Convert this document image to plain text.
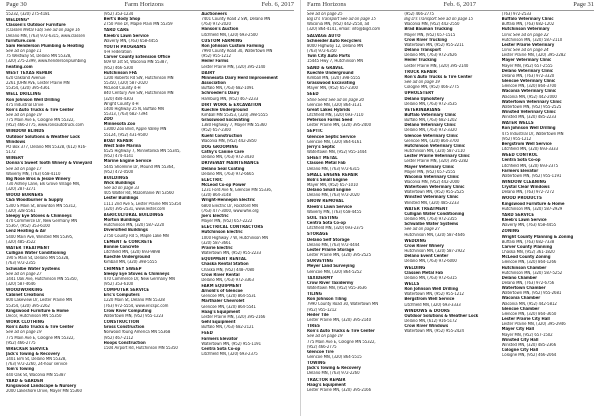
Page 30	Farm Horizons	Feb. 6, 2017

55232, (320) 275-4181

WELDING*

Classen's Outdoor Furniture

(Classen Metal Fab) See ad on page 16

Delano MN, (763) 972-6315, www.classen

furniture.com

Sam Henderson Plumbing & Heating

See ad on page 11

75 Westway St, Delano MN 55328,

(320) 275-2399, www.hendersonplumbing

heating.com

WEST TEXAS REPAIR

620 Oakland Avenue

2261 JOHN AVE, Lester Prairie MN

55354, (320) 395-4361

WELL DRILLING

Ron Johnson Well Drilling

475 Industrial Drive

Ron's Auto Trucks & Tire Center

See ad on page 19

775 Main Ave E, Cologne MN 55322,

(952) 466-2775, www.ronsautotruck.com

WINDOW BLINDS

Outdoor Solutions & Weather Lock

Windows

PO Box 377, Delano MN 55328, (612) 916-

5172

WINERY

Donna's Sweet Tooth Winery & Vineyard

See ad on page 17

Waverly MN, (763) 658-4110

Big Nose Bros & Jessie Winery

730 Ashley Lane, Elk Grove Village MN,

(320) 287-3271

WOOD BURNERS

C&S Woodburner & Supply

5300 S Main St, Brownton MN 55312,

(320) 328-5561

Sleepy Eye Stoves & Chimneys

470 Commerce Dr, New Germany MN

55367, (952) 353-6100

Lenz Heating & Air

5400 Main Ave, Winsted MN 55395,

(320) 485-3522

WATER TREATMENT

Culligan Water Conditioning

190 S Main St, Delano MN 55328,

(763) 972-2355

Schwalbe Water Systems

See ad on page 27

1441 Oak Ave, Hutchinson MN 55350,

(320) 587-4646

WOODWORKING

Cabinet Creations

800 Lakeview Dr, Lester Prairie MN

55354, (320) 395-2262

Kingswood Furniture & Home

Decor, Hutchinson MN 55350

WORK CLOTHING

Ron's Auto Trucks & Tire Center

See ad on page 19

775 Main Ave E, Cologne MN 55322,

(952) 466-2775

WRECKER SERVICE

Jack's Towing & Recovery

1401 Elm St, Delano MN 55328,

(763) 972-2260, 24-hour service

Tom's Towing

440 Oak St, Waconia MN 55387

YARD & GARDEN

Kingswood Landscape & Nursery

2000 Lakeshore Drive, Mayer MN 55360

(952) 353-1234

Bert's Body Shop

2750 Pine Dr, Maple Plain MN 55359

YARD CARE

Kleeb's Lawn Service

Waverly MN, (763) 658-4455

YOUTH PROGRAMS

4-H Federation

Carver County Extension Office

609 W 1st St, Waconia MN 55387,

(952) 466-5300

Hutchinson FFA

1200 Roberts Rd SW, Hutchinson MN

55350, (320) 587-2020

McLeod County 4-H

840 Century Ave SW, Hutchinson MN

(320) 484-4303

Wright County 4-H

1400 Highway 25 N, Buffalo MN

55313, (763) 682-7394

ZOO

Minnesota Zoo

13000 Zoo Blvd, Apple Valley MN

55124, (952) 431-9500

BOAT REPAIR

West Side Marina

6525 Highway 7, Minnetonka MN 55345,

(952) 474-4141

Marine Engine Service

5445 Shoreline Dr, Mound MN 55364,

(952) 472-0500

BUILDINGS

Wick Buildings

See ad on page 33

405 Walter Rd, Mazomanie WI 53560

Lester Buildings

1111 2nd Ave S, Lester Prairie MN 55354

(320) 395-2531, www.lester.com

AGRICULTURAL BUILDINGS

Morton Buildings

Hutchinson MN, (320) 587-2220

Diversified Buildings

2750 County Rd 5, Maple Lake MN

CEMENT & CONCRETE

Bonnie Concrete

Litchfield MN, (320) 693-9898

Kuechle Underground

Kimball MN, (320) 398-5555

CHIMNEY SWEEP

Sleepy Eye Stoves & Chimneys

470 Commerce Dr, New Germany MN

(952) 353-6100

COMPUTER SERVICE

Eric's Computers

1220 Main St, Delano MN 55328

(763) 972-5554, www.ericspc.com

Crow River Computing

Watertown MN, (952) 955-1223

CONSTRUCTION

Gross Construction

Norwood Young America MN 55368

(952) 467-2112

Hoops Construction

1504 Airport Rd, Hutchinson MN 55350

Auctioneers

7401 County Road 2 SW, Delano MN

(763) 972-2020

Hanson's Auction

Litchfield MN, (320) 693-2500

CUSTOM FARMING

Ron Johnson Custom Farming

7990 County Road 30, Watertown MN

(952) 955-1212

Heiler Farms

Lester Prairie MN, (320) 395-2140

DAIRY

Minnesota Dairy Herd Improvement

Association

Buffalo MN, (763) 682-1091

Schroeder's Dairy

Hamburg MN, (952) 467-2233

DIRT WORK & EXCAVATION

Kuechle Underground

Kimball MN 55353, (320) 398-5555

Grasswood Excavating

1380 Highway 7, Mayer MN 55360

(952) 657-2300

Kuehl Construction

Waconia MN, (952) 442-2850

DOG GROOMING

Cathy's Canine Care

Delano MN, (763) 972-3430

DRIVEWAY MAINTENANCE

Delano Seal Coating

Delano MN, (763) 972-6665

ELECTRIC

McLeod Co-op Power

1231 Ford Ave N, Glencoe MN 55336,

(320) 864-3148

Wright-Hennepin Electric

6800 Electric Dr, Rockford MN

(763) 477-3000, www.whe.org

Joe's Electric

Mayer MN, (952) 657-2222

ELECTRICAL CONTRACTORS

Hutchinson Electric

1000 Highway 7 W, Hutchinson MN

(320) 587-3661

Prairie Electric

Watertown MN, (952) 955-2233

EQUIPMENT RENTAL

Chaska Rental Station

Chaska MN, (952) 448-7080

Crow River Rental

Delano MN, (763) 972-3363

FARM EQUIPMENT

Arnold's of Glencoe

Glencoe MN, (320) 864-5531

Marthaler Chevrolet

Glencoe MN, (320) 864-5541

Haag's Equipment

Lester Prairie MN, (320) 395-2166

Gehl Equipment

Buffalo MN, (763) 682-2121

FEED

Farmers Elevator

Watertown MN, (952) 955-1191

Centra Sota Co-op

Litchfield MN, (320) 693-2375

Farm Horizons	Feb. 6, 2017	Page 31

See ad on page 25

Big D's Transport See ad on page 15

Waconia MN, (952) 442-2550, ad

(320) 864-4141, email: info@bigd.com

SALVAGE AUTO

Schneider Auto Recyclers

8000 Highway 12, Delano MN

(763) 972-6350

Twin City Auto Parts

15445 Hwy 7, Hutchinson MN

SAND & GRAVEL

Kuechle Underground

Kimball MN, (320) 398-5555

Grasswood Excavating

Mayer MN, (952) 657-2300

SEED

Stine Seed See ad on page 20

Glencoe MN, (320) 864-3131

Great Lakes Hybrids

Litchfield MN, (320) 693-7110

Peterson Farms Seed

Lester Prairie MN, (320) 395-2400

SEPTIC

Glencoe Septic Service

Glencoe MN, (320) 864-6161

Jerry's Septic

Watertown MN, (952) 955-1444

SHEET METAL

Classen Metal Fab

Delano MN, (763) 972-6315

SMALL ENGINE REPAIR

Bob's Small Engine

Mayer MN, (952) 657-1010

Delano Small Engine

Delano MN, (763) 972-2020

SNOW REMOVAL

Kleeb's Lawn Service

Waverly MN, (763) 658-4455

SOIL TESTING

Centra Sota Co-op

Litchfield MN, (320) 693-2375

STORAGE

Delano Self Storage

Delano MN, (763) 972-4444

Lester Prairie Storage

Lester Prairie MN, (320) 395-2525

SURVEYING

Meyer Land Surveying

Glencoe MN, (320) 864-5252

TAXIDERMY

Crow River Taxidermy

Watertown MN, (952) 955-3636

TILING

Ron Johnson Tiling

7990 County Road 30, Watertown MN

(952) 955-1212

Heiler Tile

Lester Prairie MN, (320) 395-2140

TIRES

Ron's Auto Trucks & Tire Center

See ad on page 19

775 Main Ave E, Cologne MN 55322,

(952) 466-2775

Glencoe Tire

Glencoe MN, (320) 864-5515

TOWING

Jack's Towing & Recovery

Delano MN, (763) 972-2260

TRACTOR REPAIR

Haag's Equipment

Lester Prairie MN, (320) 395-2166

(952) 466-2775

Big D's Transport See ad on page 15

Waconia MN, (952) 442-2550

Brad Bauman Trucking

Mayer MN, (952) 657-1515

Crow River Trucking

Watertown MN, (952) 955-2211

Delano Transport

Delano MN, (763) 972-2626

Heiler Trucking

Lester Prairie MN, (320) 395-2140

TRUCK REPAIR

Ron's Auto Trucks & Tire Center

See ad on page 19

Cologne MN, (952) 466-2775

UPHOLSTERY

Delano Upholstery

Delano MN, (763) 972-3535

VETERINARIANS

Buffalo Veterinary Clinic

Buffalo MN, (763) 682-1202

Delano Veterinary Clinic

Delano MN, (763) 972-3320

Glencoe Veterinary Clinic

Glencoe MN, (320) 864-3700

Hutchinson Veterinary Clinic

Hutchinson MN, (320) 587-2110

Lester Prairie Veterinary Clinic

Lester Prairie MN, (320) 395-2282

Mayer Veterinary Clinic

Mayer MN, (952) 657-2555

Waconia Veterinary Clinic

Waconia MN, (952) 442-2000

Watertown Veterinary Clinic

Watertown MN, (952) 955-2525

Winsted Veterinary Clinic

Winsted MN, (320) 485-2233

WATER TREATMENT

Culligan Water Conditioning

Delano MN, (763) 972-2355

Schwalbe Water Systems

See ad on page 27

Hutchinson MN, (320) 587-4646

WEDDING

Crow River Winery

Hutchinson MN, (320) 587-2922

Delano Event Center

Delano MN, (763) 972-6000

WELDING

Classen Metal Fab

Delano MN, (763) 972-6315

WELLS

Ron Johnson Well Drilling

Watertown MN, (952) 955-1212

Bergstrom Well Service

Litchfield MN, (320) 693-3333

WINDOWS & DOORS

Outdoor Solutions & Weather Lock

Delano MN, (612) 916-5172

Crow River Windows

Watertown MN, (952) 955-2424

(763) 972-2533

Buffalo Veterinary Clinic

Buffalo MN, (763) 682-1202

Hutchinson Veterinary

Clinic See ad on page 22

Hutchinson MN, (320) 587-2110

Lester Prairie Veterinary

Clinic See ad on page 24

Lester Prairie MN, (320) 395-2282

Mayer Veterinary Clinic

Mayer MN, (952) 657-2555

Delano Veterinary Clinic

Delano MN, (763) 972-3320

Glencoe Veterinary Clinic

Glencoe MN, (320) 864-3700

Waconia Veterinary Clinic

Waconia MN, (952) 442-2000

Watertown Veterinary Clinic

Watertown MN, (952) 955-2525

Winsted Veterinary Clinic

Winsted MN, (320) 485-2233

WATER WELLS

Ron Johnson Well Drilling

475 Industrial Dr, Watertown MN

(952) 955-1212

Bergstrom Well Service

Litchfield MN, (320) 693-3333

WEED CONTROL

Centra Sota Co-op

Litchfield MN, (320) 693-2375

Farmers Elevator

Watertown MN, (952) 955-1191

WINDOW CLEANING

Crystal Clear Windows

Delano MN, (763) 972-7272

WOOD PRODUCTS

Kingswood Furniture & Home

Hutchinson MN, (320) 587-2929

YARD SERVICE

Kleeb's Lawn Service

Waverly MN, (763) 658-4455

ZONING

Wright County Planning & Zoning

Buffalo MN, (763) 682-7338

Carver County Planning

Chaska MN, (952) 361-1820

McLeod County Zoning

Glencoe MN, (320) 864-1266

Hutchinson Chamber

Hutchinson MN, (320) 587-5252

Delano Chamber

Delano MN, (763) 972-6756

Watertown Chamber

Watertown MN, (952) 955-2681

Waconia Chamber

Waconia MN, (952) 442-5812

Glencoe Chamber

Glencoe MN, (320) 864-3650

Lester Prairie City Hall

Lester Prairie MN, (320) 395-2946

Mayer City Hall

Mayer MN, (952) 657-1502

Winsted City Hall

Winsted MN, (320) 485-2366

Cologne City Hall

Cologne MN, (952) 466-2064
